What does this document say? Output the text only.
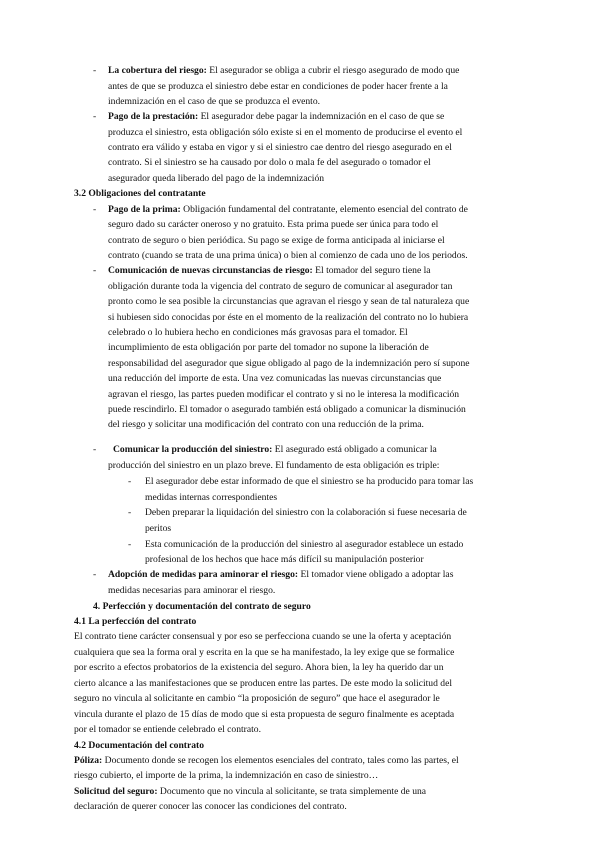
La cobertura del riesgo: El asegurador se obliga a cubrir el riesgo asegurado de modo que
antes de que se produzca el siniestro debe estar en condiciones de poder hacer frente a la
indemnización en el caso de que se produzca el evento.
Pago de la prestación: El asegurador debe pagar la indemnización en el caso de que se
produzca el siniestro, esta obligación sólo existe si en el momento de producirse el evento el
contrato era válido y estaba en vigor y si el siniestro cae dentro del riesgo asegurado en el
contrato. Si el siniestro se ha causado por dolo o mala fe del asegurado o tomador el
asegurador queda liberado del pago de la indemnización
3.2 Obligaciones del contratante
Pago de la prima: Obligación fundamental del contratante, elemento esencial del contrato de
seguro dado su carácter oneroso y no gratuito. Esta prima puede ser única para todo el
contrato de seguro o bien periódica. Su pago se exige de forma anticipada al iniciarse el
contrato (cuando se trata de una prima única) o bien al comienzo de cada uno de los periodos.
Comunicación de nuevas circunstancias de riesgo: El tomador del seguro tiene la
obligación durante toda la vigencia del contrato de seguro de comunicar al asegurador tan
pronto como le sea posible la circunstancias que agravan el riesgo y sean de tal naturaleza que
si hubiesen sido conocidas por éste en el momento de la realización del contrato no lo hubiera
celebrado o lo hubiera hecho en condiciones más gravosas para el tomador. El
incumplimiento de esta obligación por parte del tomador no supone la liberación de
responsabilidad del asegurador que sigue obligado al pago de la indemnización pero sí supone
una reducción del importe de esta. Una vez comunicadas las nuevas circunstancias que
agravan el riesgo, las partes pueden modificar el contrato y si no le interesa la modificación
puede rescindirlo. El tomador o asegurado también está obligado a comunicar la disminución
del riesgo y solicitar una modificación del contrato con una reducción de la prima.
Comunicar la producción del siniestro: El asegurado está obligado a comunicar la
producción del siniestro en un plazo breve. El fundamento de esta obligación es triple:
El asegurador debe estar informado de que el siniestro se ha producido para tomar las
medidas internas correspondientes
Deben preparar la liquidación del siniestro con la colaboración si fuese necesaria de
peritos
Esta comunicación de la producción del siniestro al asegurador establece un estado
profesional de los hechos que hace más difícil su manipulación posterior
Adopción de medidas para aminorar el riesgo: El tomador viene obligado a adoptar las
medidas necesarias para aminorar el riesgo.
4. Perfección y documentación del contrato de seguro
4.1 La perfección del contrato
El contrato tiene carácter consensual y por eso se perfecciona cuando se une la oferta y aceptación
cualquiera que sea la forma oral y escrita en la que se ha manifestado, la ley exige que se formalice
por escrito a efectos probatorios de la existencia del seguro. Ahora bien, la ley ha querido dar un
cierto alcance a las manifestaciones que se producen entre las partes. De este modo la solicitud del
seguro no vincula al solicitante en cambio “la proposición de seguro” que hace el asegurador le
vincula durante el plazo de 15 días de modo que si esta propuesta de seguro finalmente es aceptada
por el tomador se entiende celebrado el contrato.
4.2 Documentación del contrato
Póliza: Documento donde se recogen los elementos esenciales del contrato, tales como las partes, el
riesgo cubierto, el importe de la prima, la indemnización en caso de siniestro…
Solicitud del seguro: Documento que no vincula al solicitante, se trata simplemente de una
declaración de querer conocer las conocer las condiciones del contrato.
-
-
-
-
-
-
-
-
-
